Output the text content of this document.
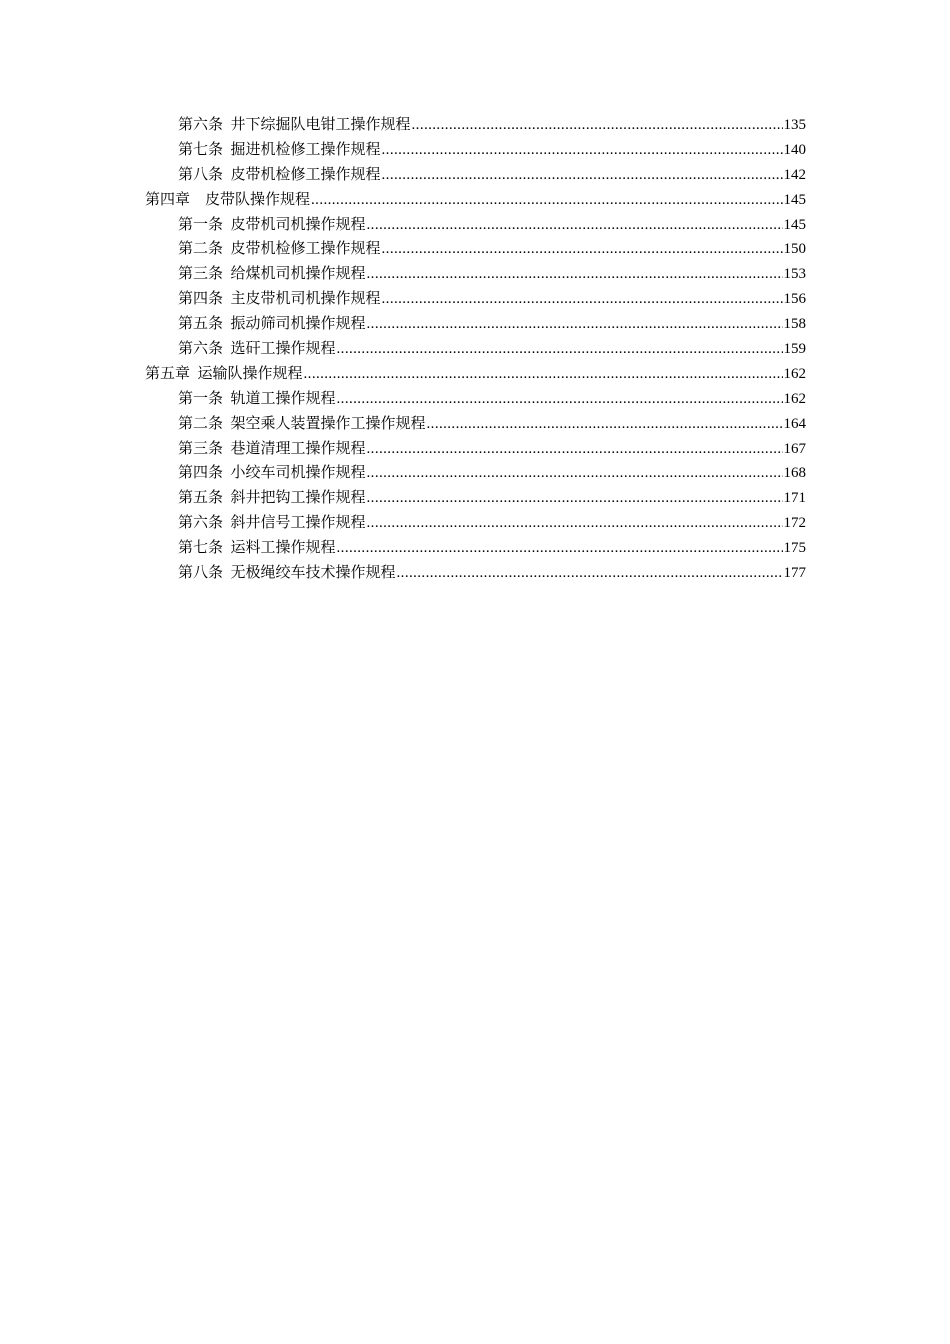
第六条  井下综掘队电钳工操作规程 .....	135
第七条  掘进机检修工操作规程 .....	140
第八条  皮带机检修工操作规程 .....	142
第四章    皮带队操作规程 .....	145
第一条  皮带机司机操作规程 .....	145
第二条  皮带机检修工操作规程 .....	150
第三条  给煤机司机操作规程 .....	153
第四条  主皮带机司机操作规程 .....	156
第五条  振动筛司机操作规程 .....	158
第六条  选矸工操作规程 .....	159
第五章  运输队操作规程 .....	162
第一条  轨道工操作规程 .....	162
第二条  架空乘人装置操作工操作规程 .....	164
第三条  巷道清理工操作规程 .....	167
第四条  小绞车司机操作规程 .....	168
第五条  斜井把钩工操作规程 .....	171
第六条  斜井信号工操作规程 .....	172
第七条  运料工操作规程 .....	175
第八条  无极绳绞车技术操作规程 .....	177
